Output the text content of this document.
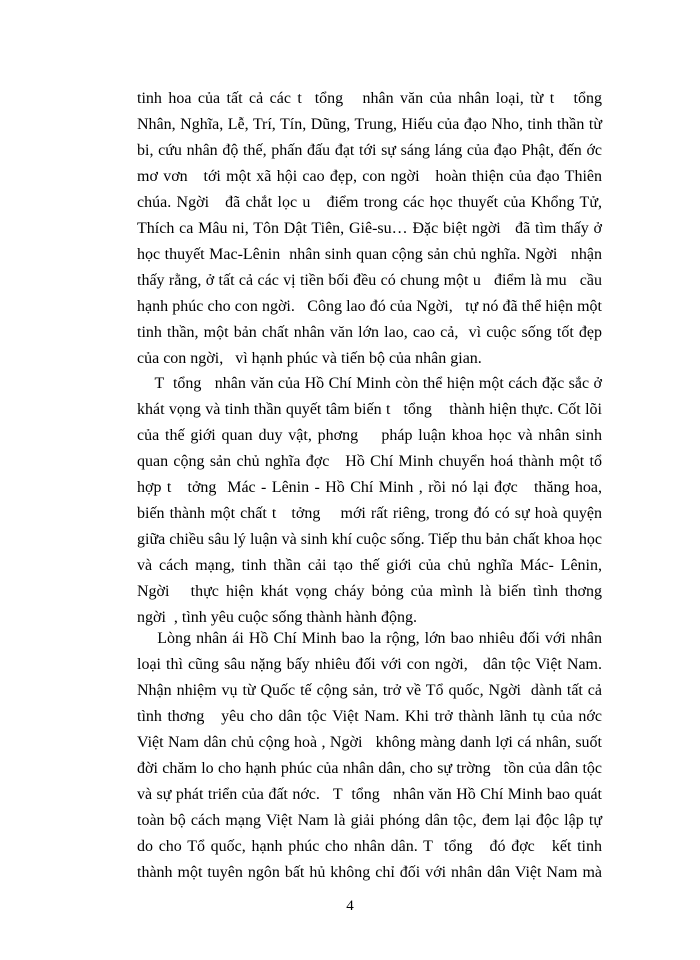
tinh hoa của tất cả các t  tổng   nhân văn của nhân loại, từ t   tổng
Nhân, Nghĩa, Lễ, Trí, Tín, Dũng, Trung, Hiếu của đạo Nho, tinh thần từ
bi, cứu nhân độ thế, phấn đấu đạt tới sự sáng láng của đạo Phật, đến ớc
mơ vơn   tới một xã hội cao đẹp, con ngời   hoàn thiện của đạo Thiên
chúa. Ngời   đã chắt lọc u   điểm trong các học thuyết của Khổng Tử,
Thích ca Mâu ni, Tôn Dật Tiên, Giê-su… Đặc biệt ngời   đã tìm thấy ở
học thuyết Mac-Lênin  nhân sinh quan cộng sản chủ nghĩa. Ngời   nhận
thấy rằng, ở tất cả các vị tiền bối đều có chung một u   điểm là mu   cầu
hạnh phúc cho con ngời.   Công lao đó của Ngời,   tự nó đã thể hiện một
tinh thần, một bản chất nhân văn lớn lao, cao cả,  vì cuộc sống tốt đẹp
của con ngời,   vì hạnh phúc và tiến bộ của nhân gian.
T  tổng   nhân văn của Hồ Chí Minh còn thể hiện một cách đặc sắc ở
khát vọng và tinh thần quyết tâm biến t   tổng    thành hiện thực. Cốt lõi
của thế giới quan duy vật, phơng    pháp luận khoa học và nhân sinh
quan cộng sản chủ nghĩa đợc   Hồ Chí Minh chuyển hoá thành một tổ
hợp t   tởng  Mác - Lênin - Hồ Chí Minh , rồi nó lại đợc   thăng hoa,
biến thành một chất t   tởng    mới rất riêng, trong đó có sự hoà quyện
giữa chiều sâu lý luận và sinh khí cuộc sống. Tiếp thu bản chất khoa học
và cách mạng, tinh thần cải tạo thế giới của chủ nghĩa Mác- Lênin,
Ngời   thực hiện khát vọng cháy bỏng của mình là biến tình thơng
ngời  , tình yêu cuộc sống thành hành động.
Lòng nhân ái Hồ Chí Minh bao la rộng, lớn bao nhiêu đối với nhân
loại thì cũng sâu nặng bấy nhiêu đối với con ngời,   dân tộc Việt Nam.
Nhận nhiệm vụ từ Quốc tế cộng sản, trở về Tổ quốc, Ngời  dành tất cả
tình thơng   yêu cho dân tộc Việt Nam. Khi trở thành lãnh tụ của nớc
Việt Nam dân chủ cộng hoà , Ngời   không màng danh lợi cá nhân, suốt
đời chăm lo cho hạnh phúc của nhân dân, cho sự trờng   tồn của dân tộc
và sự phát triển của đất nớc.   T  tổng   nhân văn Hồ Chí Minh bao quát
toàn bộ cách mạng Việt Nam là giải phóng dân tộc, đem lại độc lập tự
do cho Tổ quốc, hạnh phúc cho nhân dân. T  tổng   đó đợc   kết tinh
thành một tuyên ngôn bất hủ không chỉ đối với nhân dân Việt Nam mà
4
